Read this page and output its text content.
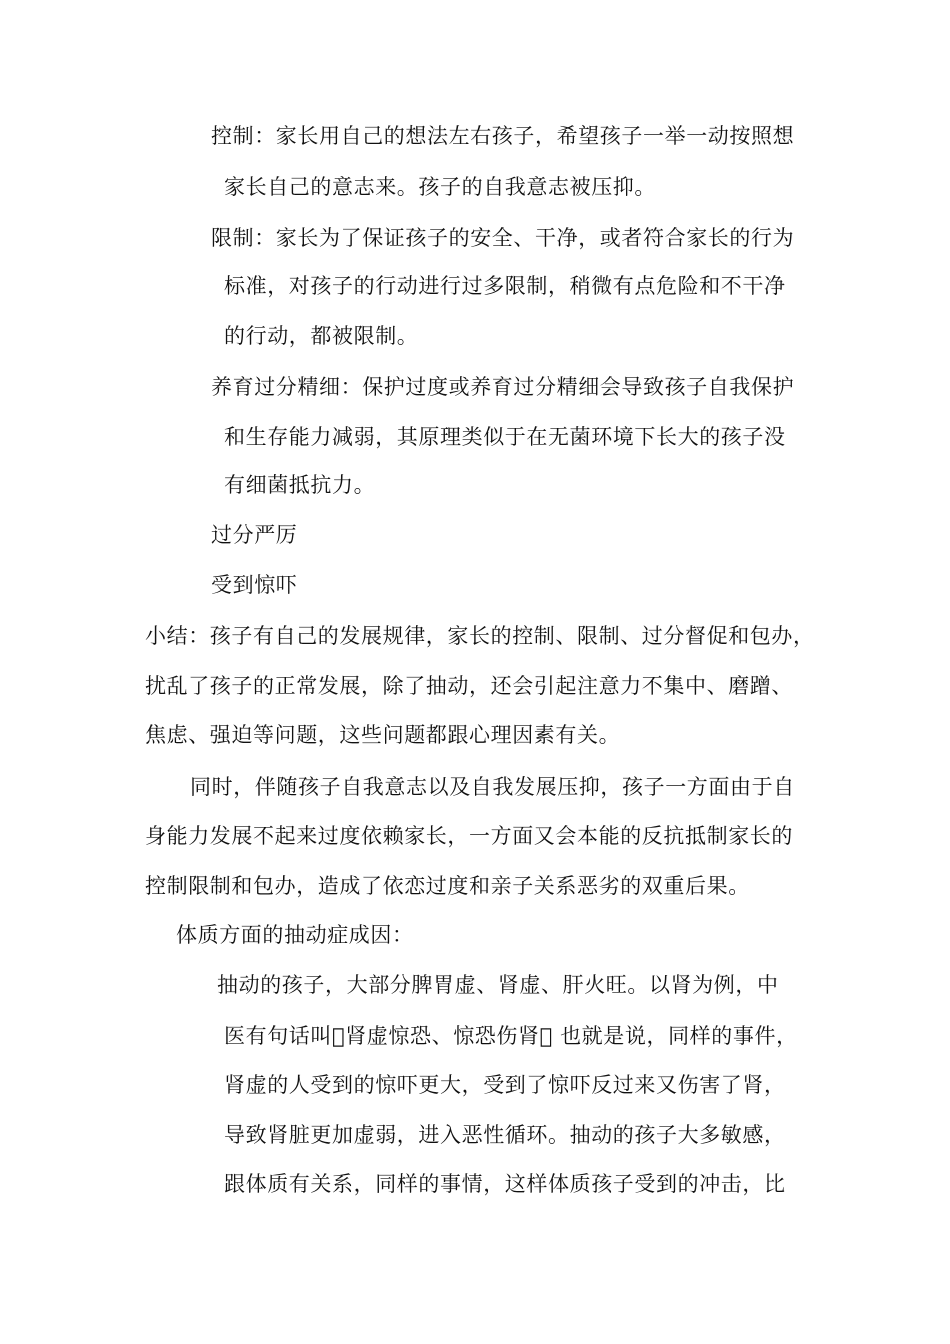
控制：家长用自己的想法左右孩子，希望孩子一举一动按照想
家长自己的意志来。孩子的自我意志被压抑。
限制：家长为了保证孩子的安全、干净，或者符合家长的行为
标准，对孩子的行动进行过多限制，稍微有点危险和不干净
的行动，都被限制。
养育过分精细：保护过度或养育过分精细会导致孩子自我保护
和生存能力减弱，其原理类似于在无菌环境下长大的孩子没
有细菌抵抗力。
过分严厉
受到惊吓
小结：孩子有自己的发展规律，家长的控制、限制、过分督促和包办，
扰乱了孩子的正常发展，除了抽动，还会引起注意力不集中、磨蹭、
焦虑、强迫等问题，这些问题都跟心理因素有关。
同时，伴随孩子自我意志以及自我发展压抑，孩子一方面由于自
身能力发展不起来过度依赖家长，一方面又会本能的反抗抵制家长的
控制限制和包办，造成了依恋过度和亲子关系恶劣的双重后果。
体质方面的抽动症成因：
抽动的孩子，大部分脾胃虚、肾虚、肝火旺。以肾为例，中
医有句话叫 肾虚惊恐、惊恐伤肾  也就是说，同样的事件，
肾虚的人受到的惊吓更大，受到了惊吓反过来又伤害了肾，
导致肾脏更加虚弱，进入恶性循环。抽动的孩子大多敏感，
跟体质有关系，同样的事情，这样体质孩子受到的冲击，比
